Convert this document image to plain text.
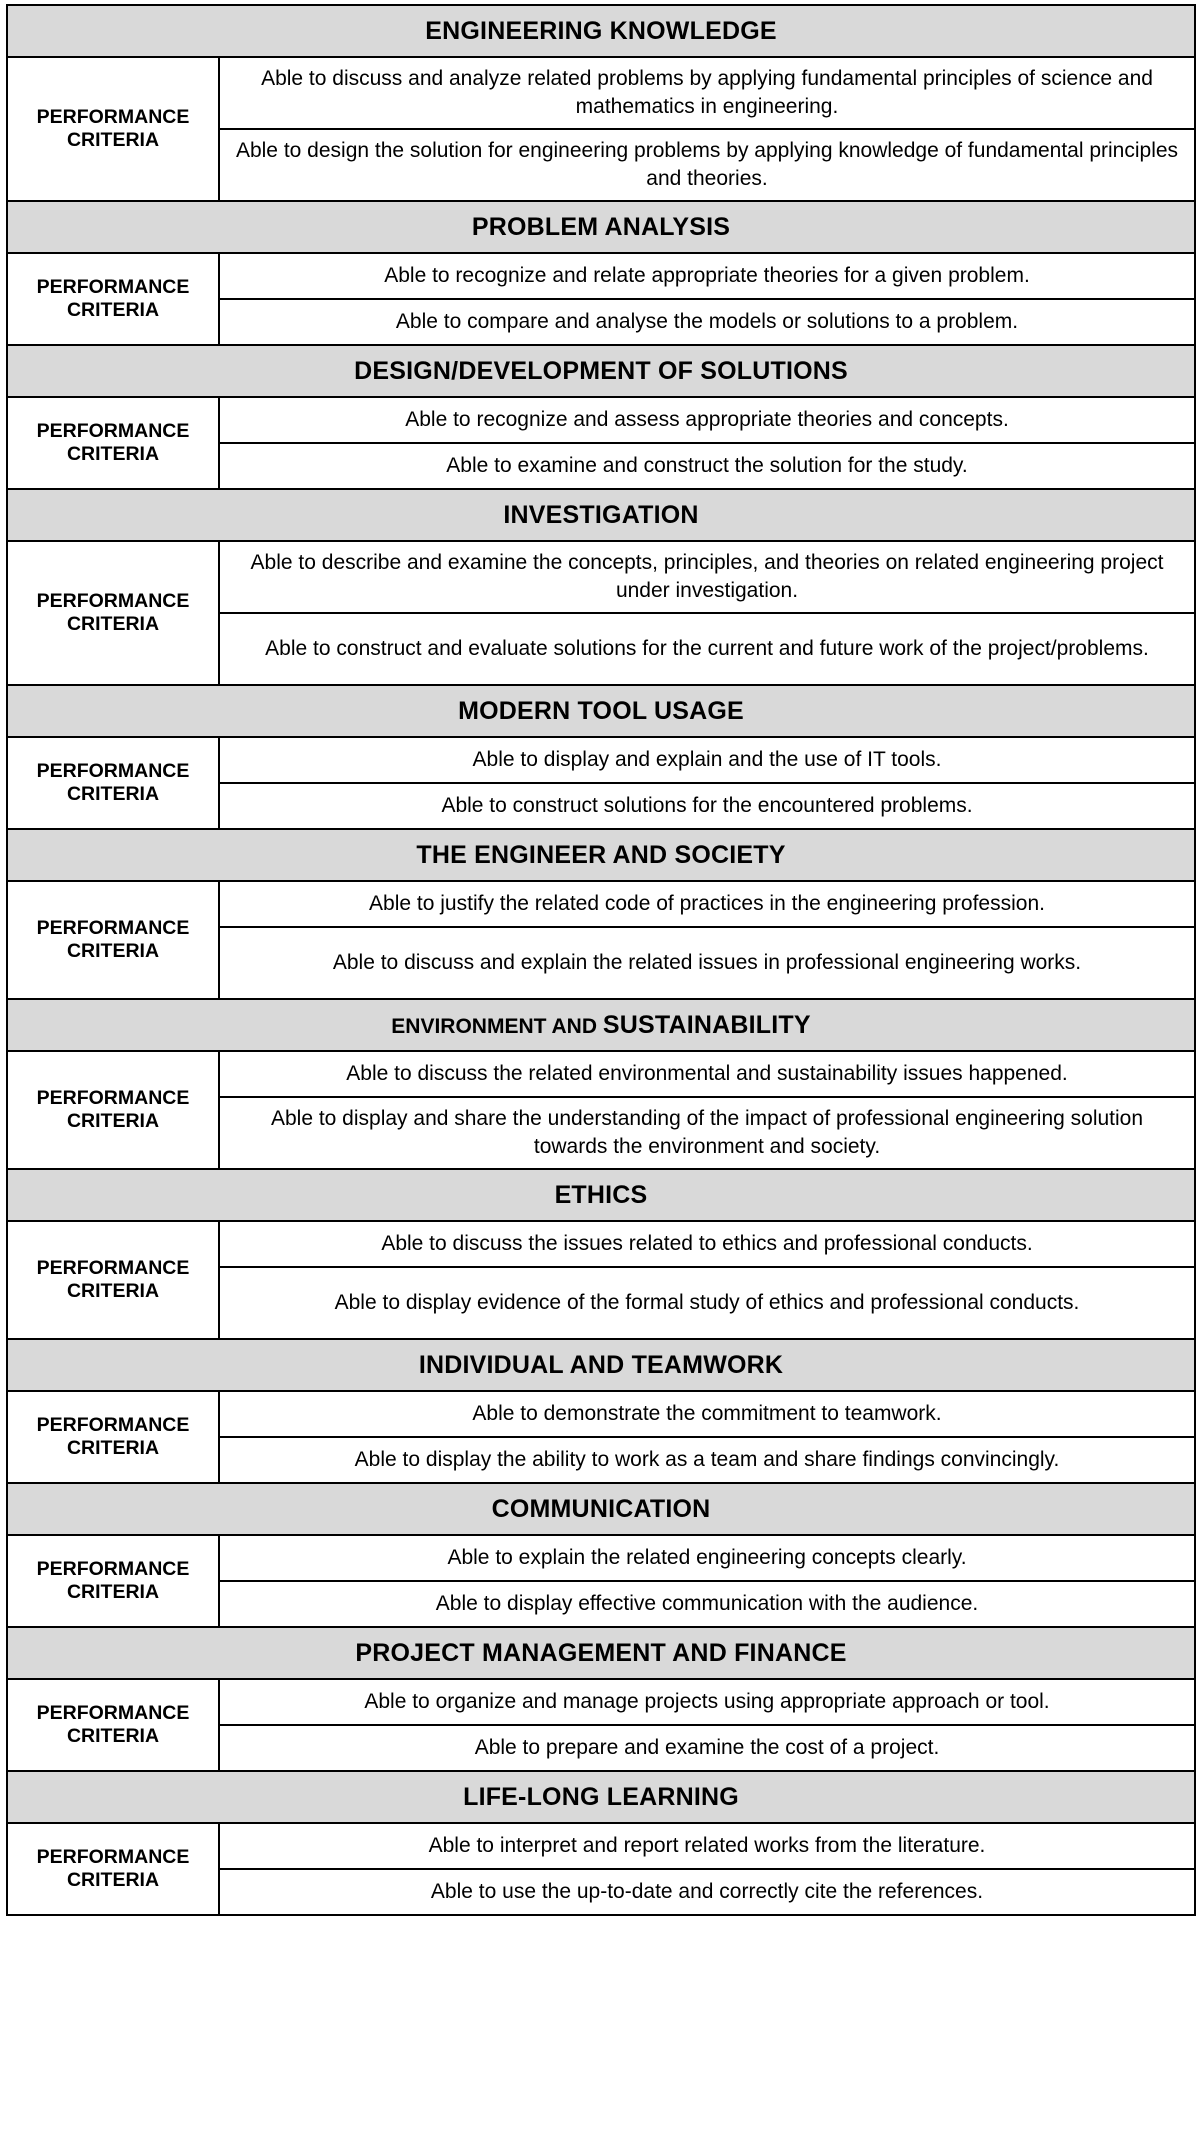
ENGINEERING KNOWLEDGE	

PERFORMANCE
CRITERIA	Able to discuss and analyze related problems by applying fundamental principles of science and mathematics in engineering.
	Able to design the solution for engineering problems by applying knowledge of fundamental principles and theories.
PROBLEM ANALYSIS	

PERFORMANCE
CRITERIA	Able to recognize and relate appropriate theories for a given problem.
	Able to compare and analyse the models or solutions to a problem.
DESIGN/DEVELOPMENT OF SOLUTIONS	

PERFORMANCE
CRITERIA	Able to recognize and assess appropriate theories and concepts.
	Able to examine and construct the solution for the study.
INVESTIGATION	

PERFORMANCE
CRITERIA	Able to describe and examine the concepts, principles, and theories on related engineering project under investigation.
	Able to construct and evaluate solutions for the current and future work of the project/problems.
MODERN TOOL USAGE	

PERFORMANCE
CRITERIA	Able to display and explain and the use of IT tools.
	Able to construct solutions for the encountered problems.
THE ENGINEER AND SOCIETY	

PERFORMANCE
CRITERIA	Able to justify the related code of practices in the engineering profession.
	Able to discuss and explain the related issues in professional engineering works.
ENVIRONMENT AND SUSTAINABILITY	

PERFORMANCE
CRITERIA	Able to discuss the related environmental and sustainability issues happened.
	Able to display and share the understanding of the impact of professional engineering solution towards the environment and society.
ETHICS	

PERFORMANCE
CRITERIA	Able to discuss the issues related to ethics and professional conducts.
	Able to display evidence of the formal study of ethics and professional conducts.
INDIVIDUAL AND TEAMWORK	

PERFORMANCE
CRITERIA	Able to demonstrate the commitment to teamwork.
	Able to display the ability to work as a team and share findings convincingly.
COMMUNICATION	

PERFORMANCE
CRITERIA	Able to explain the related engineering concepts clearly.
	Able to display effective communication with the audience.
PROJECT MANAGEMENT AND FINANCE	

PERFORMANCE
CRITERIA	Able to organize and manage projects using appropriate approach or tool.
	Able to prepare and examine the cost of a project.
LIFE-LONG LEARNING	

PERFORMANCE
CRITERIA	Able to interpret and report related works from the literature.
	Able to use the up-to-date and correctly cite the references.
